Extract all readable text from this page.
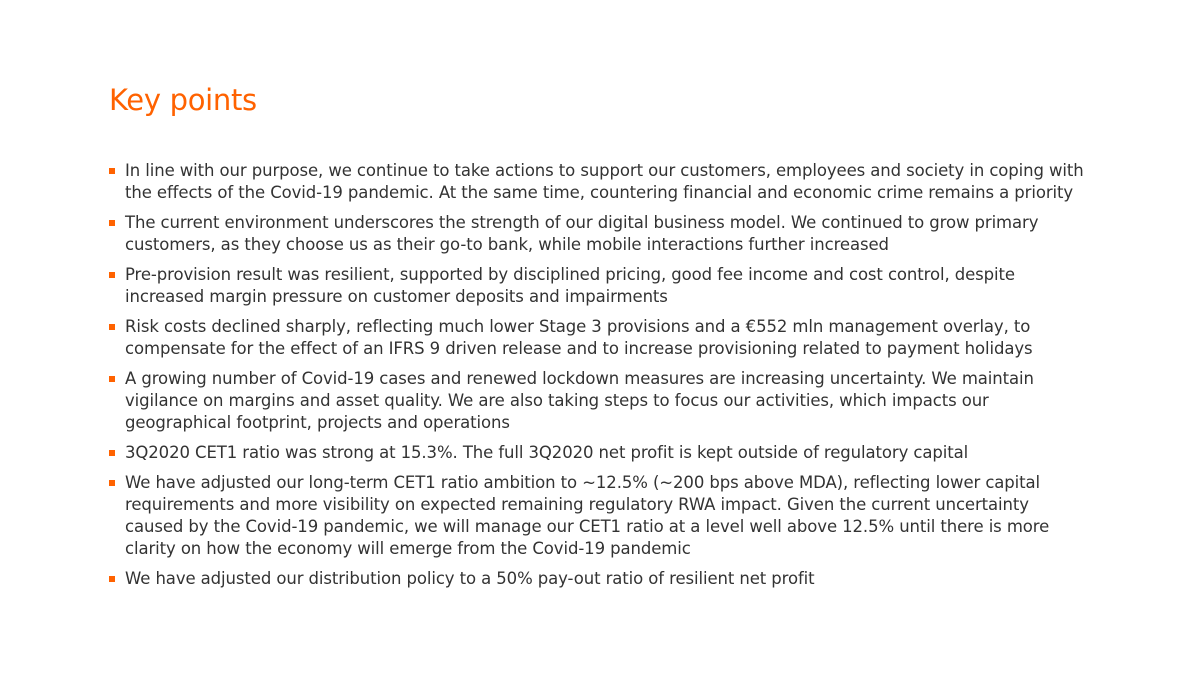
Key points
In line with our purpose, we continue to take actions to support our customers, employees and society in coping with the effects of the Covid-19 pandemic. At the same time, countering financial and economic crime remains a priority
The current environment underscores the strength of our digital business model. We continued to grow primary customers, as they choose us as their go-to bank, while mobile interactions further increased
Pre-provision result was resilient, supported by disciplined pricing, good fee income and cost control, despite increased margin pressure on customer deposits and impairments
Risk costs declined sharply, reflecting much lower Stage 3 provisions and a €552 mln management overlay, to compensate for the effect of an IFRS 9 driven release and to increase provisioning related to payment holidays
A growing number of Covid-19 cases and renewed lockdown measures are increasing uncertainty. We maintain vigilance on margins and asset quality. We are also taking steps to focus our activities, which impacts our geographical footprint, projects and operations
3Q2020 CET1 ratio was strong at 15.3%. The full 3Q2020 net profit is kept outside of regulatory capital
We have adjusted our long-term CET1 ratio ambition to ~12.5% (~200 bps above MDA), reflecting lower capital requirements and more visibility on expected remaining regulatory RWA impact. Given the current uncertainty caused by the Covid-19 pandemic, we will manage our CET1 ratio at a level well above 12.5% until there is more clarity on how the economy will emerge from the Covid-19 pandemic
We have adjusted our distribution policy to a 50% pay-out ratio of resilient net profit
